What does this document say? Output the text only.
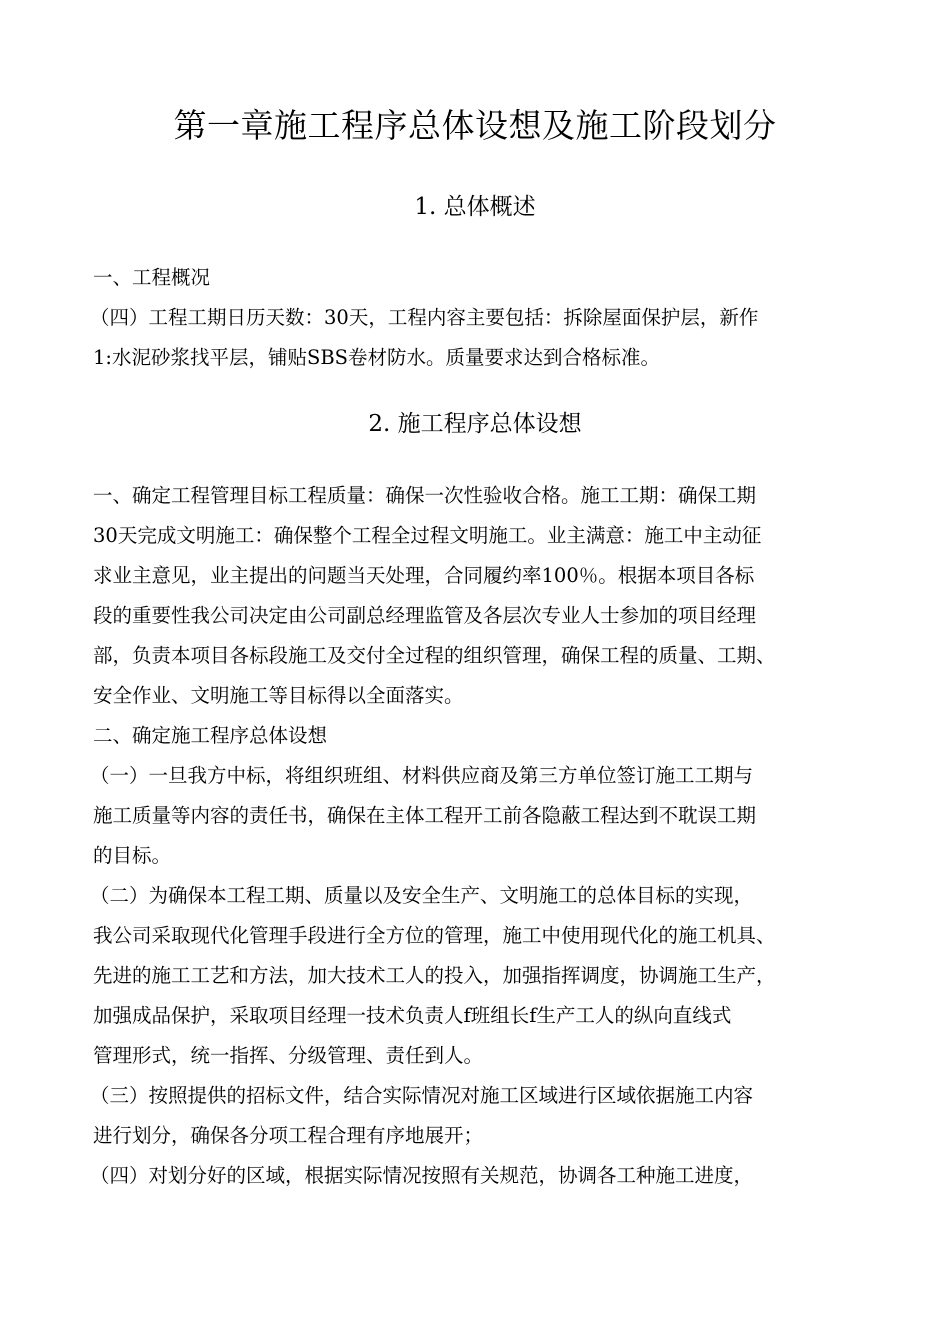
第一章施工程序总体设想及施工阶段划分
1. 总体概述
一、工程概况
（四）工程工期日历天数：30天，工程内容主要包括：拆除屋面保护层，新作
1:水泥砂浆找平层，铺贴SBS卷材防水。质量要求达到合格标准。
2. 施工程序总体设想
一、确定工程管理目标工程质量：确保一次性验收合格。施工工期：确保工期
30天完成文明施工：确保整个工程全过程文明施工。业主满意：施工中主动征
求业主意见，业主提出的问题当天处理，合同履约率100％。根据本项目各标
段的重要性我公司决定由公司副总经理监管及各层次专业人士参加的项目经理
部，负责本项目各标段施工及交付全过程的组织管理，确保工程的质量、工期、
安全作业、文明施工等目标得以全面落实。
二、确定施工程序总体设想
（一）一旦我方中标，将组织班组、材料供应商及第三方单位签订施工工期与
施工质量等内容的责任书，确保在主体工程开工前各隐蔽工程达到不耽误工期
的目标。
（二）为确保本工程工期、质量以及安全生产、文明施工的总体目标的实现，
我公司采取现代化管理手段进行全方位的管理，施工中使用现代化的施工机具、
先进的施工工艺和方法，加大技术工人的投入，加强指挥调度，协调施工生产，
加强成品保护，采取项目经理一技术负责人f班组长f生产工人的纵向直线式
管理形式，统一指挥、分级管理、责任到人。
（三）按照提供的招标文件，结合实际情况对施工区域进行区域依据施工内容
进行划分，确保各分项工程合理有序地展开；
（四）对划分好的区域，根据实际情况按照有关规范，协调各工种施工进度，
